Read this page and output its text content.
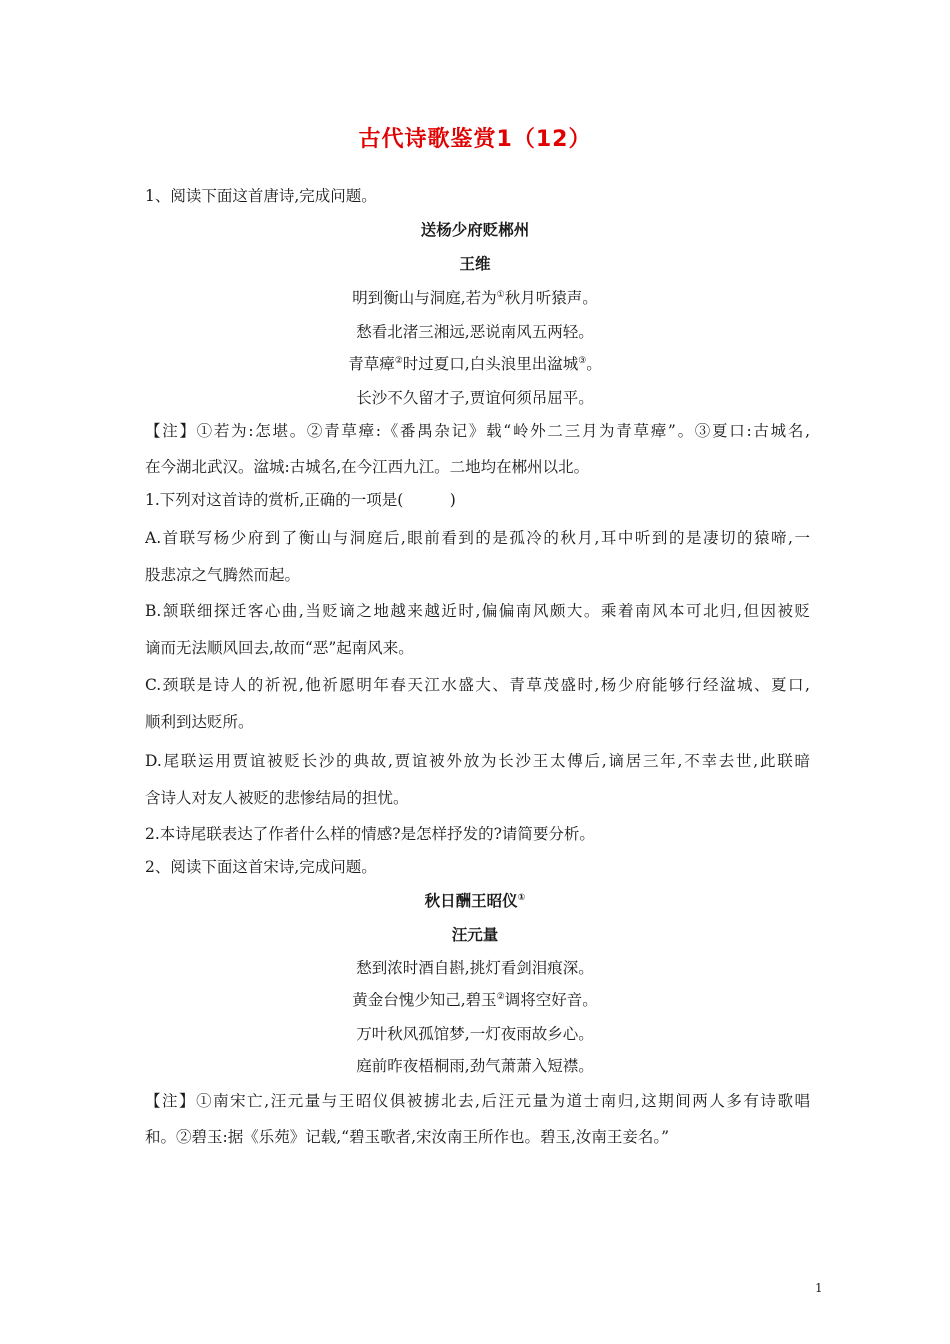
古代诗歌鉴赏1（12）
1、阅读下面这首唐诗,完成问题。
送杨少府贬郴州
王维
明到衡山与洞庭,若为①秋月听猿声。
愁看北渚三湘远,恶说南风五两轻。
青草瘴②时过夏口,白头浪里出湓城③。
长沙不久留才子,贾谊何须吊屈平。
【注】①若为:怎堪。②青草瘴:《番禺杂记》载“岭外二三月为青草瘴”。③夏口:古城名,
在今湖北武汉。湓城:古城名,在今江西九江。二地均在郴州以北。
1.下列对这首诗的赏析,正确的一项是(　　　)
A.首联写杨少府到了衡山与洞庭后,眼前看到的是孤冷的秋月,耳中听到的是凄切的猿啼,一
股悲凉之气腾然而起。
B.颔联细探迁客心曲,当贬谪之地越来越近时,偏偏南风颇大。乘着南风本可北归,但因被贬
谪而无法顺风回去,故而“恶”起南风来。
C.颈联是诗人的祈祝,他祈愿明年春天江水盛大、青草茂盛时,杨少府能够行经湓城、夏口,
顺利到达贬所。
D.尾联运用贾谊被贬长沙的典故,贾谊被外放为长沙王太傅后,谪居三年,不幸去世,此联暗
含诗人对友人被贬的悲惨结局的担忧。
2.本诗尾联表达了作者什么样的情感?是怎样抒发的?请简要分析。
2、阅读下面这首宋诗,完成问题。
秋日酬王昭仪①
汪元量
愁到浓时酒自斟,挑灯看剑泪痕深。
黄金台愧少知己,碧玉②调将空好音。
万叶秋风孤馆梦,一灯夜雨故乡心。
庭前昨夜梧桐雨,劲气萧萧入短襟。
【注】①南宋亡,汪元量与王昭仪俱被掳北去,后汪元量为道士南归,这期间两人多有诗歌唱
和。②碧玉:据《乐苑》记载,“碧玉歌者,宋汝南王所作也。碧玉,汝南王妾名。”
1
